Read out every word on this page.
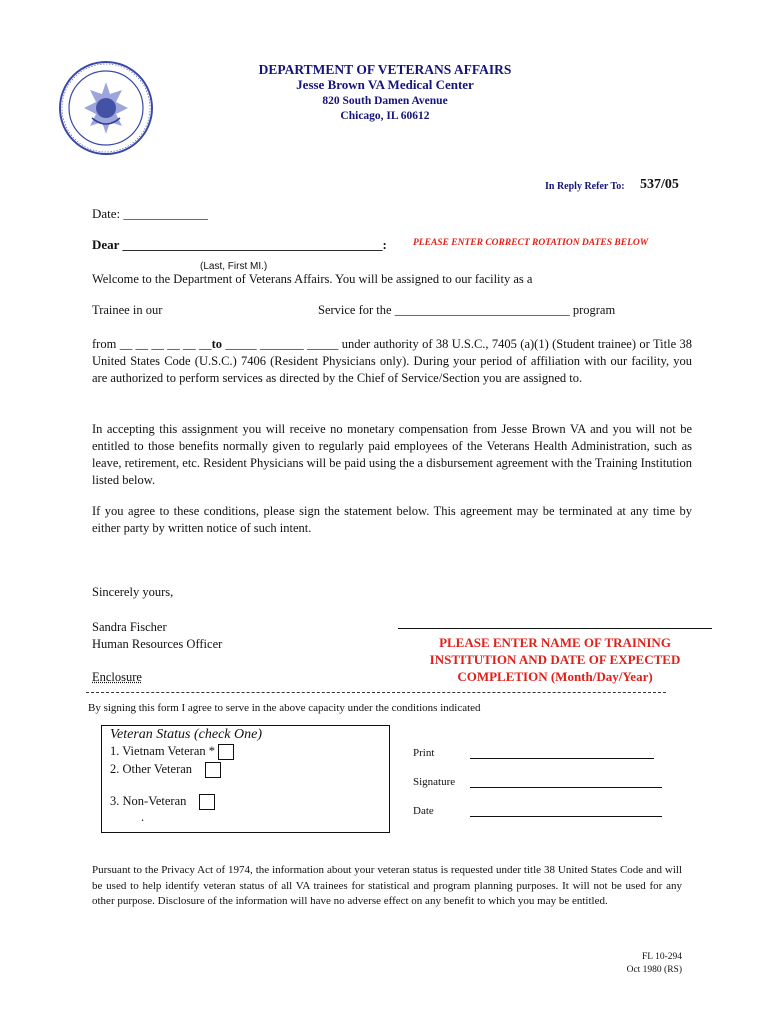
DEPARTMENT OF VETERANS AFFAIRS
Jesse Brown VA Medical Center
820 South Damen Avenue
Chicago, IL 60612
In Reply Refer To: 537/05
Date: _____________
Dear ________________________________________:	PLEASE ENTER CORRECT ROTATION DATES BELOW
(Last, First MI.)
Welcome to the Department of Veterans Affairs. You will be assigned to our facility as a
Trainee in our	Service for the ____________________________ program
from __ __ __ __ __ __to _____ _______ _____ under authority of 38 U.S.C., 7405 (a)(1) (Student trainee) or Title 38 United States Code (U.S.C.) 7406 (Resident Physicians only). During your period of affiliation with our facility, you are authorized to perform services as directed by the Chief of Service/Section you are assigned to.
In accepting this assignment you will receive no monetary compensation from Jesse Brown VA and you will not be entitled to those benefits normally given to regularly paid employees of the Veterans Health Administration, such as leave, retirement, etc. Resident Physicians will be paid using the a disbursement agreement with the Training Institution listed below.
If you agree to these conditions, please sign the statement below. This agreement may be terminated at any time by either party by written notice of such intent.
Sincerely yours,
Sandra Fischer
Human Resources Officer
Enclosure
PLEASE ENTER NAME OF TRAINING INSTITUTION AND DATE OF EXPECTED COMPLETION (Month/Day/Year)
By signing this form I agree to serve in the above capacity under the conditions indicated
Veteran Status (check One)
1. Vietnam Veteran *
2. Other Veteran
3. Non-Veteran
.
Print
Signature
Date
Pursuant to the Privacy Act of 1974, the information about your veteran status is requested under title 38 United States Code and will be used to help identify veteran status of all VA trainees for statistical and program planning purposes. It will not be used for any other purpose. Disclosure of the information will have no adverse effect on any benefit to which you may be entitled.
FL 10-294
Oct 1980 (RS)
